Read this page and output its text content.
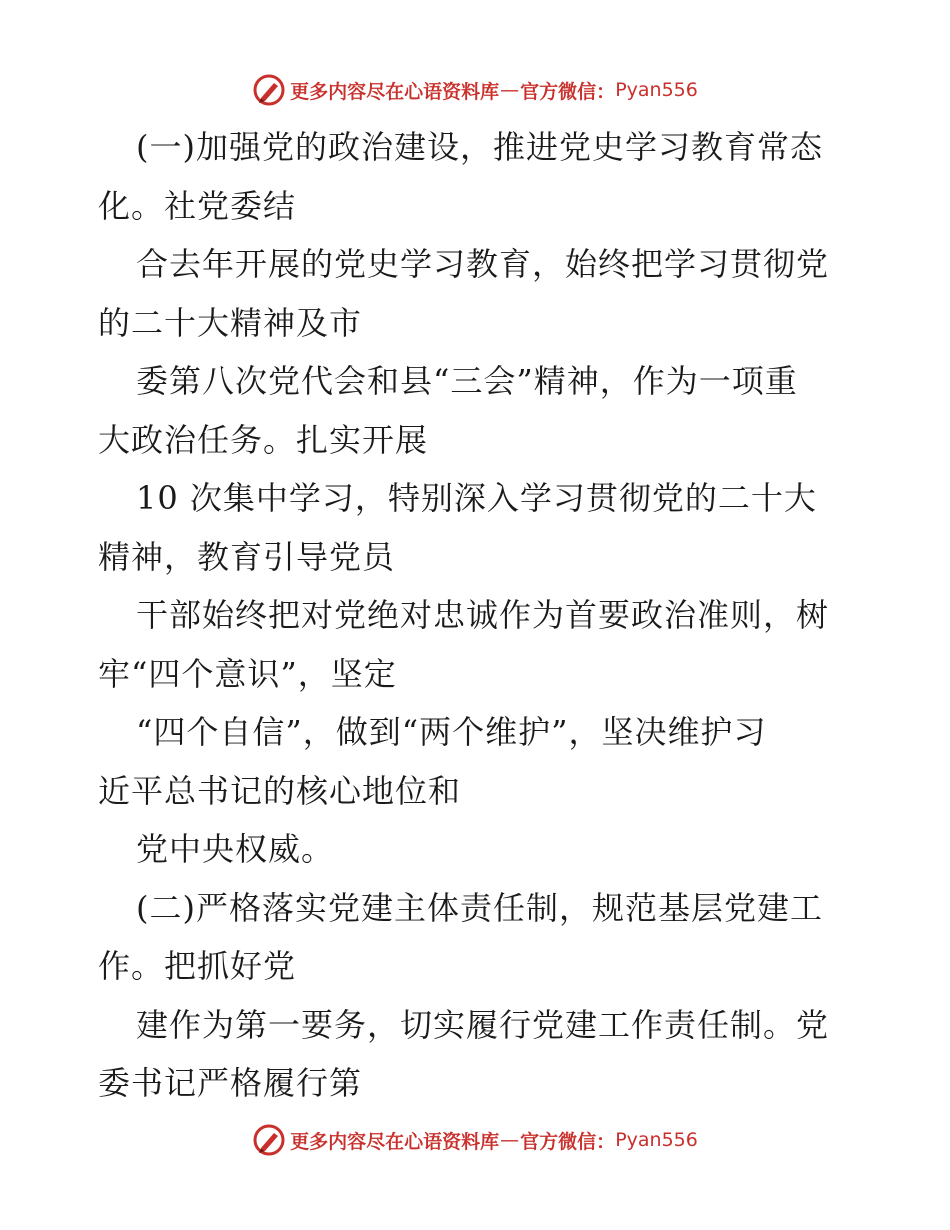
更多内容尽在心语资料库 — 官方微信： Pyan556
(一)加强党的政治建设，推进党史学习教育常态
化。社党委结
合去年开展的党史学习教育，始终把学习贯彻党
的二十大精神及市
委第八次党代会和县“三会”精神，作为一项重
大政治任务。扎实开展
10 次集中学习，特别深入学习贯彻党的二十大
精神，教育引导党员
干部始终把对党绝对忠诚作为首要政治准则，树
牢“四个意识”，坚定
“四个自信”，做到“两个维护”，坚决维护习
近平总书记的核心地位和
党中央权威。
(二)严格落实党建主体责任制，规范基层党建工
作。把抓好党
建作为第一要务，切实履行党建工作责任制。党
委书记严格履行第
更多内容尽在心语资料库 — 官方微信： Pyan556
